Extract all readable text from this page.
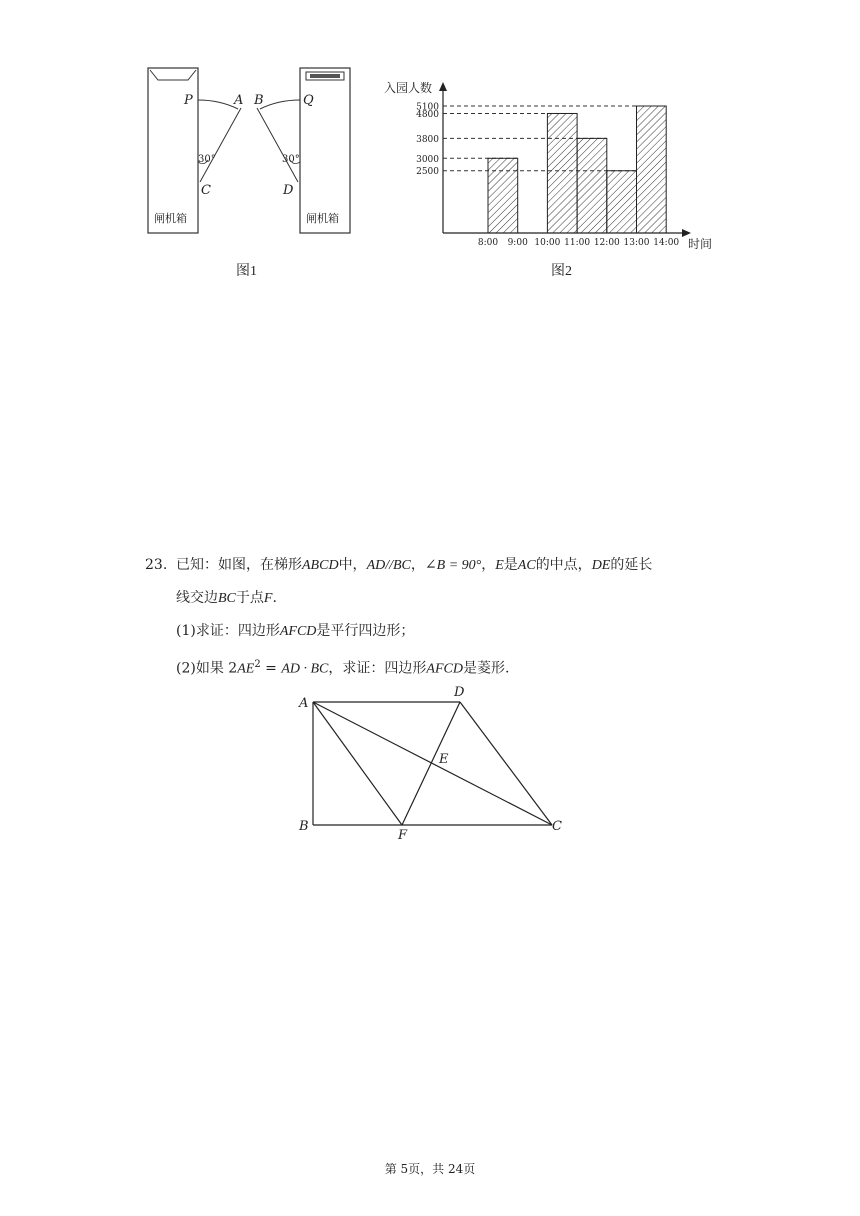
P	A B	Q
C	D
30°	30°
闸机箱	闸机箱
图1
2500
3000
3800
4800
5100
8:00 9:00 10:00 11:00 12:00 13:00 14:00
入园人数
时间
图2
23. 已知：如图，在梯形ABCD中，AD//BC，∠B = 90°，E是AC的中点，DE的延长
线交边BC于点F.
(1)求证：四边形AFCD是平行四边形；
(2)如果 $2AE^2$ = AD · BC，求证：四边形AFCD是菱形.
A
D
E
B
F
C
第 5页，共 24页
